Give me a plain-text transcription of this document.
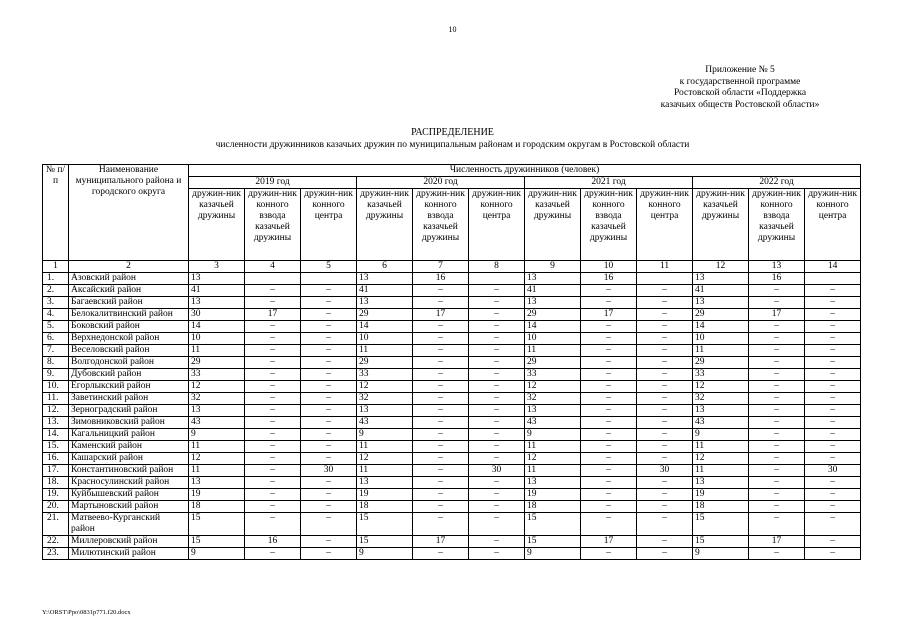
10
Приложение № 5
к государственной программе
Ростовской области «Поддержка
казачьих обществ Ростовской области»
РАСПРЕДЕЛЕНИЕ
численности дружинников казачьих дружин по муниципальным районам и городским округам в Ростовской области
№ п/п	Наименование муниципального района и городского округа	Численность дружинников (человек)											
		2019 год			2020 год			2021 год			2022 год		
		дружин-ник казачьей дружины	дружин-ник конного взвода казачьей дружины	дружин-ник конного центра	дружин-ник казачьей дружины	дружин-ник конного взвода казачьей дружины	дружин-ник конного центра	дружин-ник казачьей дружины	дружин-ник конного взвода казачьей дружины	дружин-ник конного центра	дружин-ник казачьей дружины	дружин-ник конного взвода казачьей дружины	дружин-ник конного центра
1	2	3	4	5	6	7	8	9	10	11	12	13	14
1.	Азовский район	13			13	16		13	16		13	16	
2.	Аксайский район	41	–	–	41	–	–	41	–	–	41	–	–
3.	Багаевский район	13	–	–	13	–	–	13	–	–	13	–	–
4.	Белокалитвинский район	30	17	–	29	17	–	29	17	–	29	17	–
5.	Боковский район	14	–	–	14	–	–	14	–	–	14	–	–
6.	Верхнедонской район	10	–	–	10	–	–	10	–	–	10	–	–
7.	Веселовский район	11	–	–	11	–	–	11	–	–	11	–	–
8.	Волгодонской район	29	–	–	29	–	–	29	–	–	29	–	–
9.	Дубовский район	33	–	–	33	–	–	33	–	–	33	–	–
10.	Егорлыкский район	12	–	–	12	–	–	12	–	–	12	–	–
11.	Заветинский район	32	–	–	32	–	–	32	–	–	32	–	–
12.	Зерноградский район	13	–	–	13	–	–	13	–	–	13	–	–
13.	Зимовниковский район	43	–	–	43	–	–	43	–	–	43	–	–
14.	Кагальницкий район	9	–	–	9	–	–	9	–	–	9	–	–
15.	Каменский район	11	–	–	11	–	–	11	–	–	11	–	–
16.	Кашарский район	12	–	–	12	–	–	12	–	–	12	–	–
17.	Константиновский район	11	–	30	11	–	30	11	–	30	11	–	30
18.	Красносулинский район	13	–	–	13	–	–	13	–	–	13	–	–
19.	Куйбышевский район	19	–	–	19	–	–	19	–	–	19	–	–
20.	Мартыновский район	18	–	–	18	–	–	18	–	–	18	–	–
21.	Матвеево-Курганский район	15	–	–	15	–	–	15	–	–	15	–	–
22.	Миллеровский район	15	16	–	15	17	–	15	17	–	15	17	–
23.	Милютинский район	9	–	–	9	–	–	9	–	–	9	–	–
Y:\ORST\Ppo\0831p771.f20.docx
